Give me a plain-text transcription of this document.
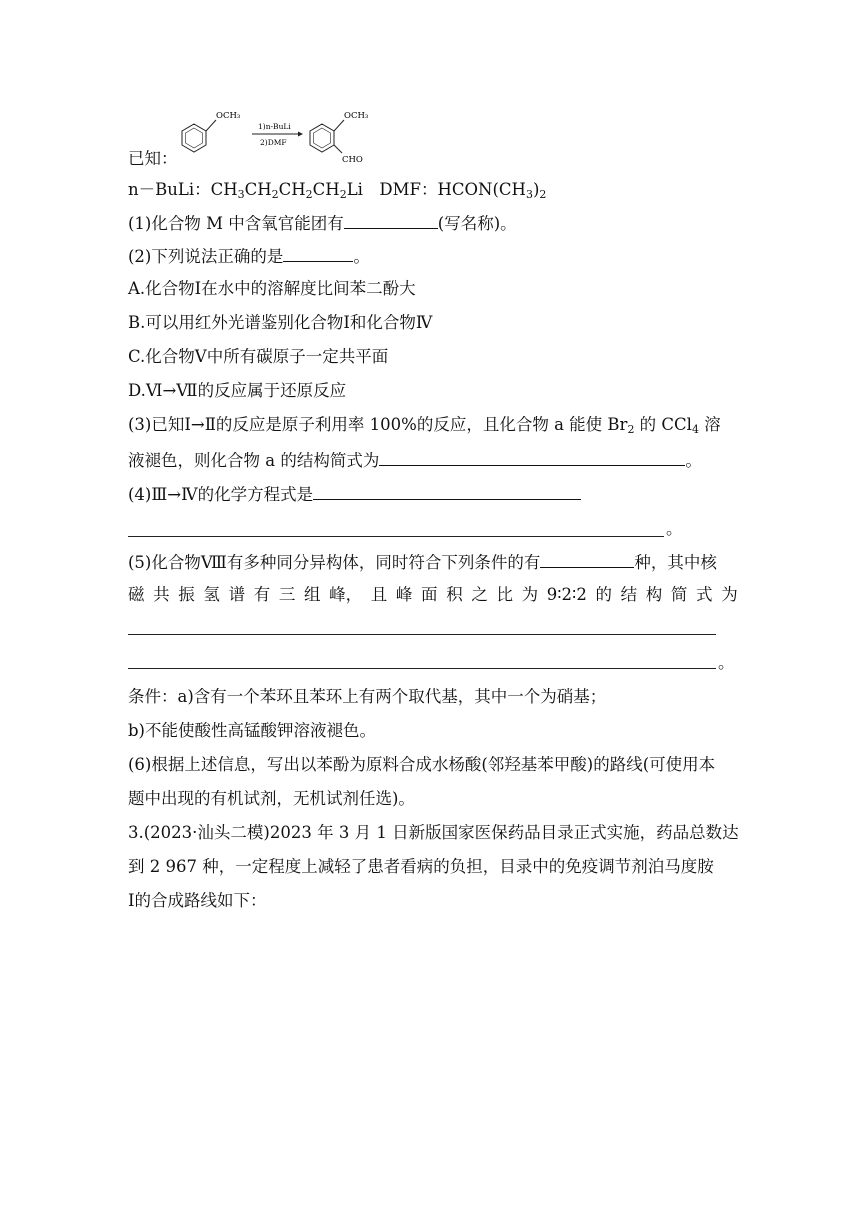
OCH₃
1)n-BuLi
2)DMF
OCH₃
CHO
已知：
n－BuLi：$CH_3CH_2CH_2CH_2Li$　DMF：$HCON(CH_3)_2$
(1)化合物 M 中含氧官能团有	(写名称)。
(2)下列说法正确的是	。
A.化合物Ⅰ在水中的溶解度比间苯二酚大
B.可以用红外光谱鉴别化合物Ⅰ和化合物Ⅳ
C.化合物Ⅴ中所有碳原子一定共平面
D.Ⅵ→Ⅶ的反应属于还原反应
(3)已知Ⅰ→Ⅱ的反应是原子利用率 100%的反应，且化合物 a 能使 $Br_2$ 的 CCl$_4$ 溶
液褪色，则化合物 a 的结构简式为	。
(4)Ⅲ→Ⅳ的化学方程式是
。
(5)化合物Ⅷ有多种同分异构体，同时符合下列条件的有	种，其中核
磁 共 振 氢 谱 有 三 组 峰， 且 峰 面 积 之 比 为 9∶2∶2 的 结 构 简 式 为
。
条件：a)含有一个苯环且苯环上有两个取代基，其中一个为硝基；
b)不能使酸性高锰酸钾溶液褪色。
(6)根据上述信息，写出以苯酚为原料合成水杨酸(邻羟基苯甲酸)的路线(可使用本
题中出现的有机试剂，无机试剂任选)。
3.(2023·汕头二模)2023 年 3 月 1 日新版国家医保药品目录正式实施，药品总数达
到 2 967 种，一定程度上减轻了患者看病的负担，目录中的免疫调节剂泊马度胺
Ⅰ的合成路线如下：
